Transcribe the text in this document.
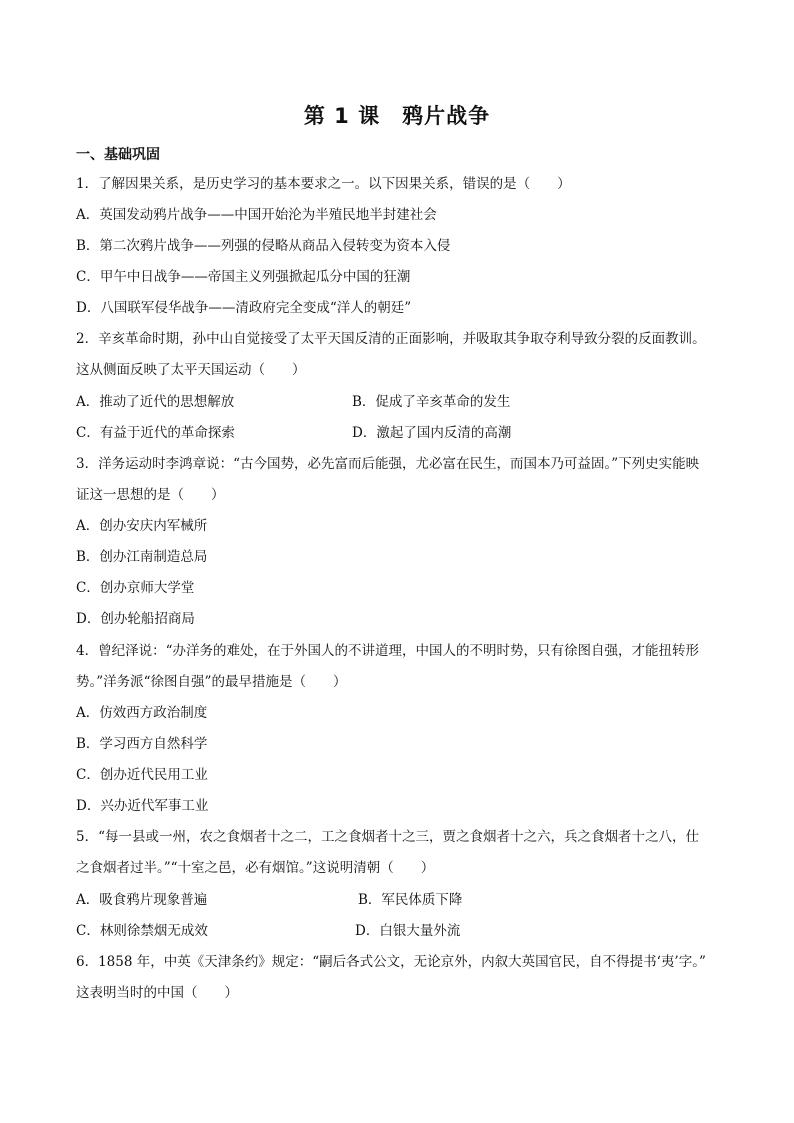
第 1 课　鸦片战争
一、基础巩固
1．了解因果关系，是历史学习的基本要求之一。以下因果关系，错误的是（　　）
A．英国发动鸦片战争——中国开始沦为半殖民地半封建社会
B．第二次鸦片战争——列强的侵略从商品入侵转变为资本入侵
C．甲午中日战争——帝国主义列强掀起瓜分中国的狂潮
D．八国联军侵华战争——清政府完全变成“洋人的朝廷”
2．辛亥革命时期，孙中山自觉接受了太平天国反清的正面影响，并吸取其争取夺利导致分裂的反面教训。
这从侧面反映了太平天国运动（　　）
A．推动了近代的思想解放	B．促成了辛亥革命的发生
C．有益于近代的革命探索	D．激起了国内反清的高潮
3．洋务运动时李鸿章说：“古今国势，必先富而后能强，尤必富在民生，而国本乃可益固。”下列史实能映
证这一思想的是（　　）
A．创办安庆内军械所
B．创办江南制造总局
C．创办京师大学堂
D．创办轮船招商局
4．曾纪泽说：“办洋务的难处，在于外国人的不讲道理，中国人的不明时势，只有徐图自强，才能扭转形
势。”洋务派“徐图自强”的最早措施是（　　）
A．仿效西方政治制度
B．学习西方自然科学
C．创办近代民用工业
D．兴办近代军事工业
5．“每一县或一州，农之食烟者十之二，工之食烟者十之三，贾之食烟者十之六，兵之食烟者十之八，仕
之食烟者过半。”“十室之邑，必有烟馆。”这说明清朝（　　）
A．吸食鸦片现象普遍	B．军民体质下降
C．林则徐禁烟无成效	D．白银大量外流
6．1858 年，中英《天津条约》规定：“嗣后各式公文，无论京外，内叙大英国官民，自不得提书‘夷’字。”
这表明当时的中国（　　）
